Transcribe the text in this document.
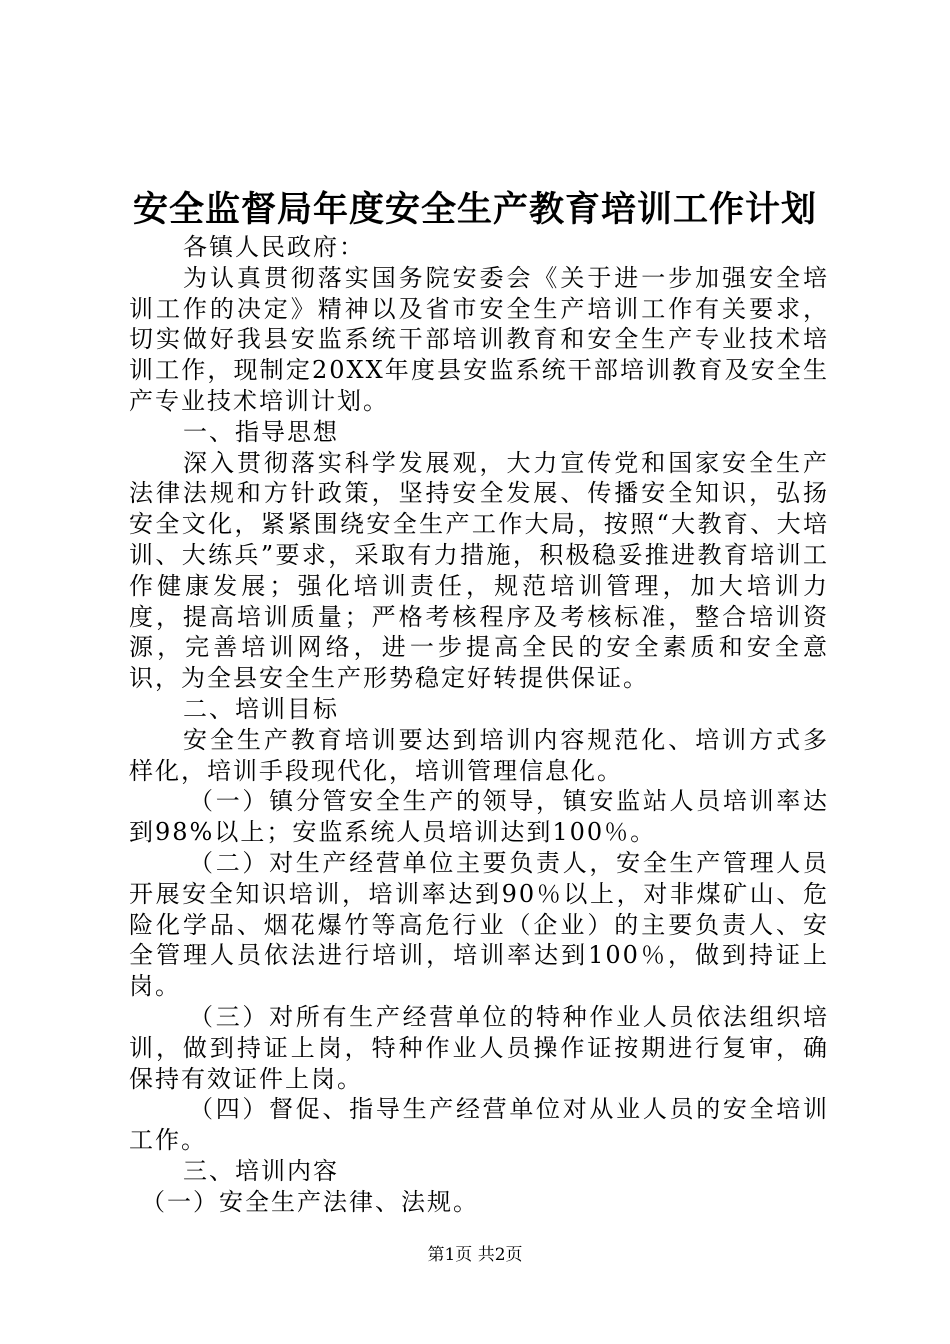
安全监督局年度安全生产教育培训工作计划

各镇人民政府：

为认真贯彻落实国务院安委会《关于进一步加强安全培训工作的决定》精神以及省市安全生产培训工作有关要求，切实做好我县安监系统干部培训教育和安全生产专业技术培训工作，现制定20XX年度县安监系统干部培训教育及安全生产专业技术培训计划。

一、指导思想

深入贯彻落实科学发展观，大力宣传党和国家安全生产法律法规和方针政策，坚持安全发展、传播安全知识，弘扬安全文化，紧紧围绕安全生产工作大局，按照“大教育、大培训、大练兵”要求，采取有力措施，积极稳妥推进教育培训工作健康发展；强化培训责任，规范培训管理，加大培训力度，提高培训质量；严格考核程序及考核标准，整合培训资源，完善培训网络，进一步提高全民的安全素质和安全意识，为全县安全生产形势稳定好转提供保证。

二、培训目标

安全生产教育培训要达到培训内容规范化、培训方式多样化，培训手段现代化，培训管理信息化。

（一）镇分管安全生产的领导，镇安监站人员培训率达到98%以上；安监系统人员培训达到100％。

（二）对生产经营单位主要负责人，安全生产管理人员开展安全知识培训，培训率达到90％以上，对非煤矿山、危险化学品、烟花爆竹等高危行业（企业）的主要负责人、安全管理人员依法进行培训，培训率达到100％，做到持证上岗。

（三）对所有生产经营单位的特种作业人员依法组织培训，做到持证上岗，特种作业人员操作证按期进行复审，确保持有效证件上岗。

（四）督促、指导生产经营单位对从业人员的安全培训工作。

三、培训内容

（一）安全生产法律、法规。

第1页 共2页
